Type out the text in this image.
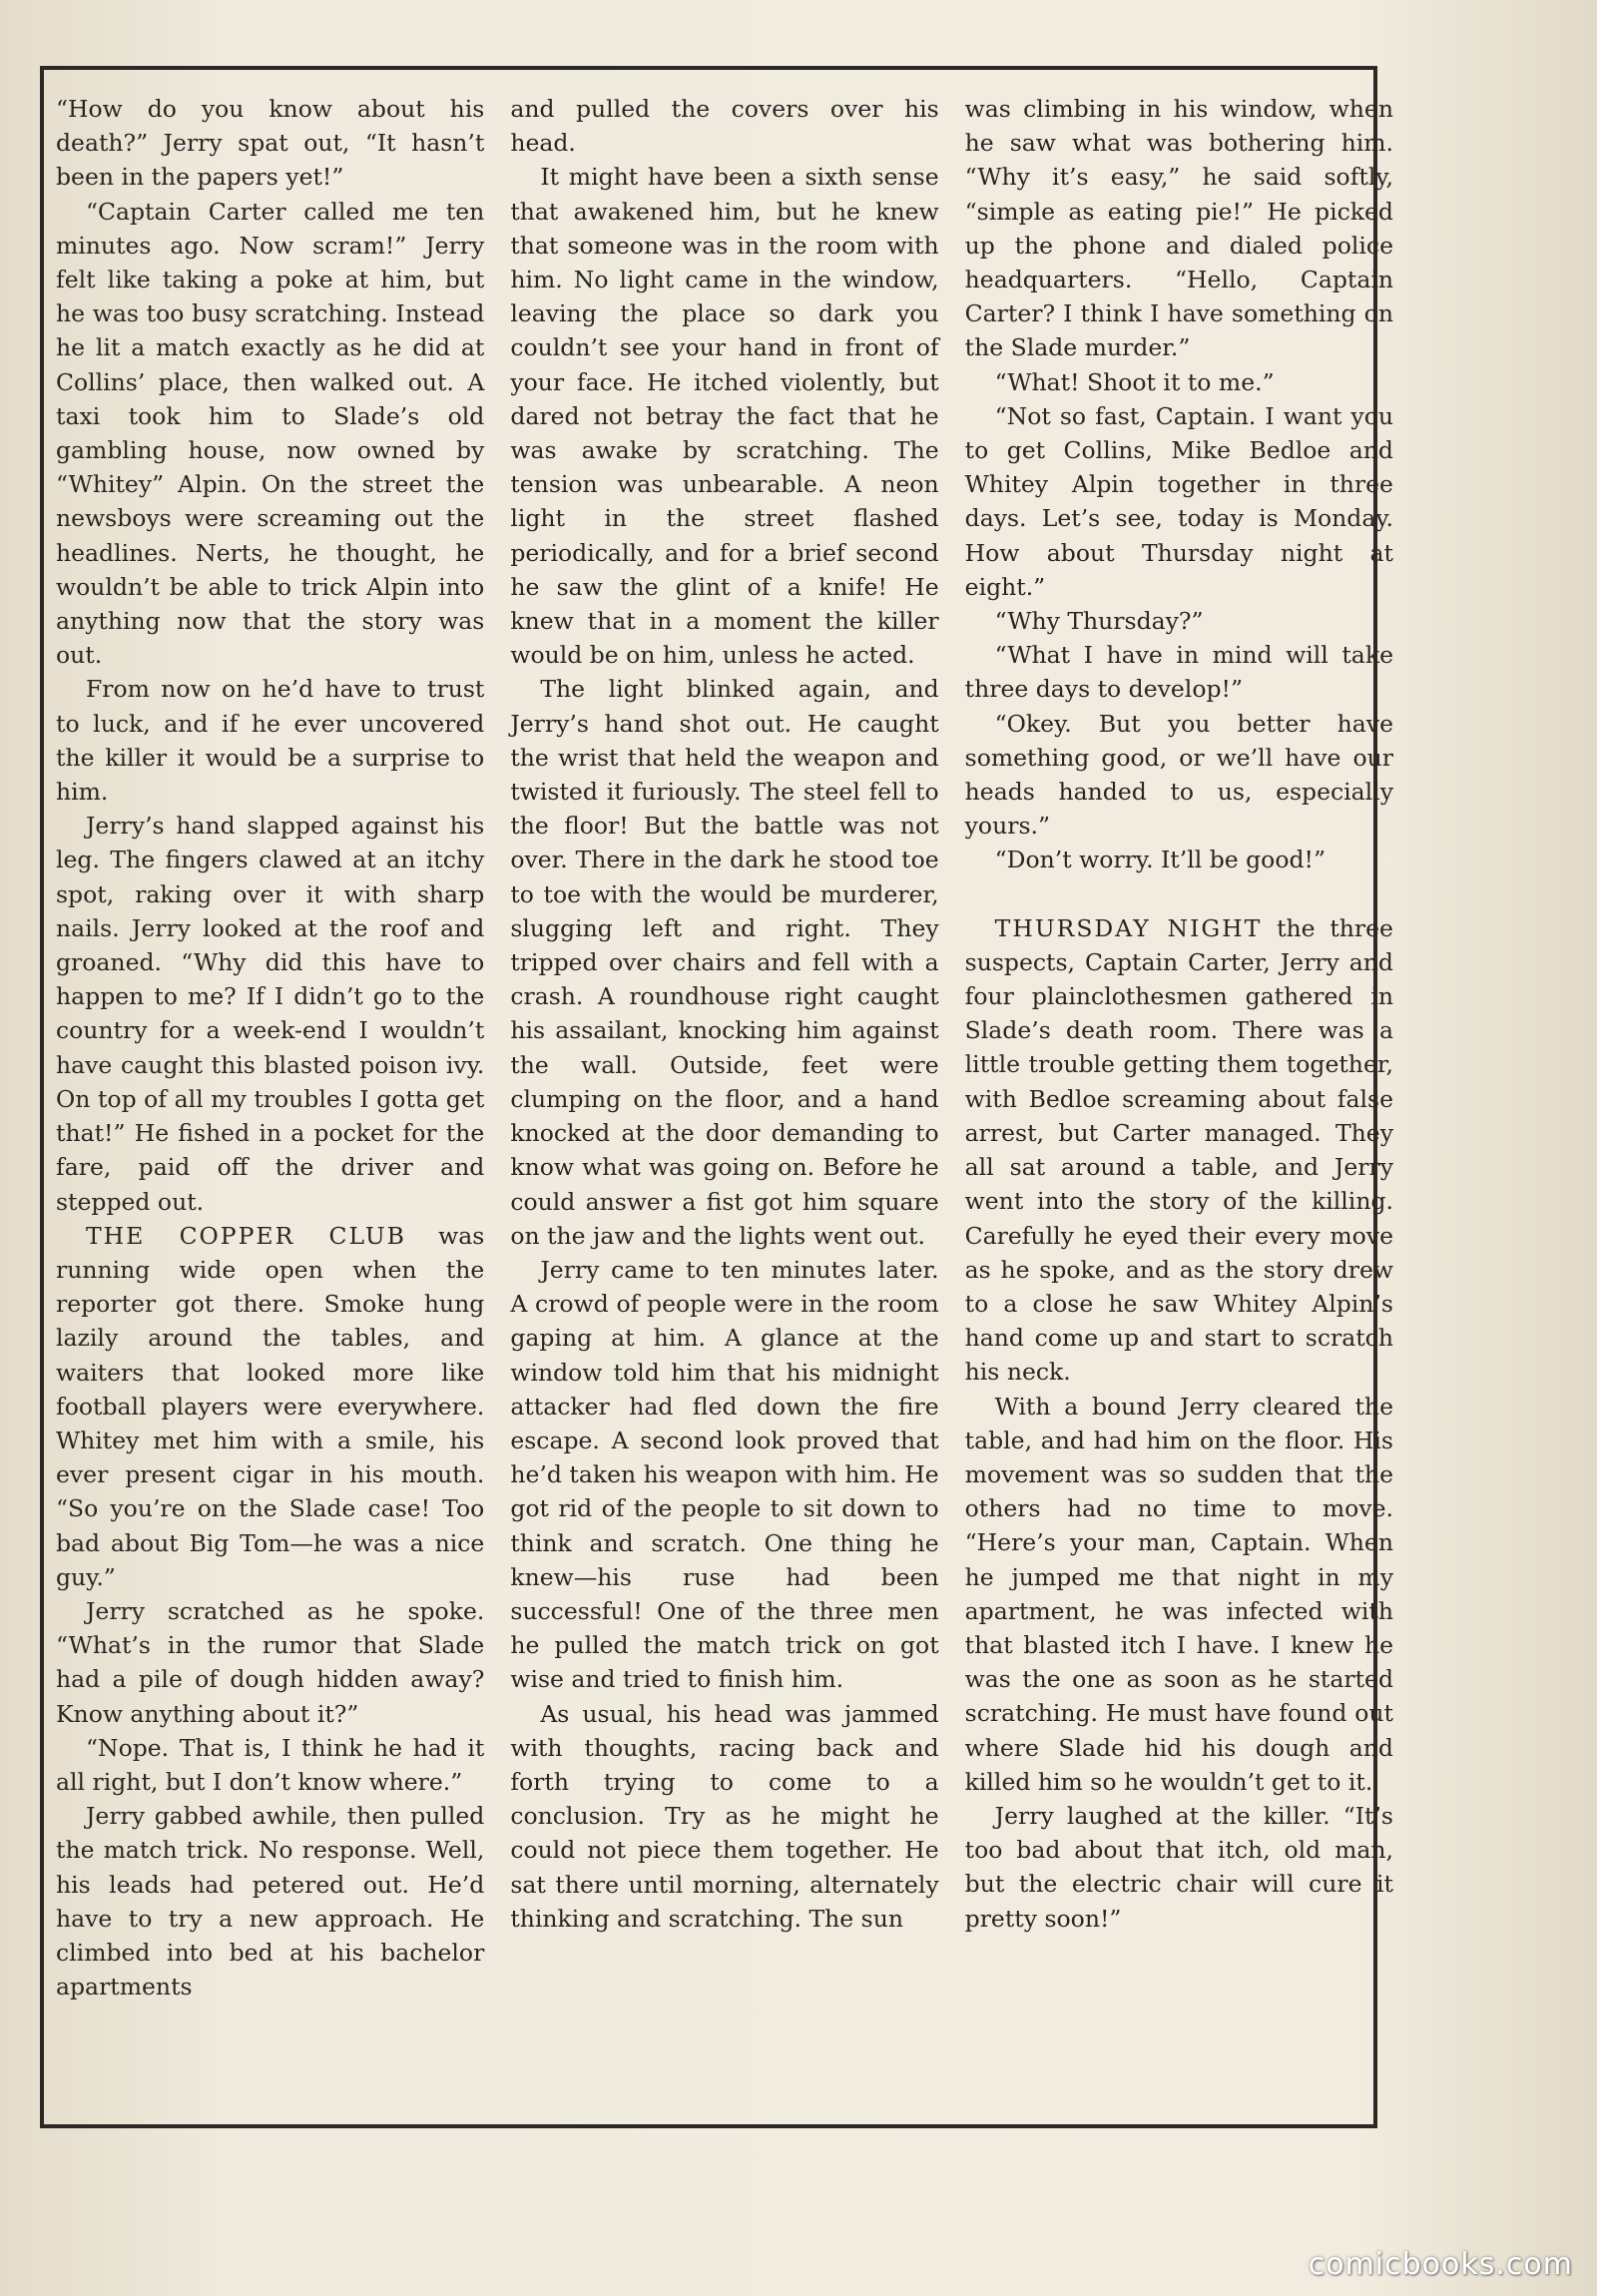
“How do you know about his death?” Jerry spat out, “It hasn’t been in the papers yet!”

“Captain Carter called me ten minutes ago. Now scram!” Jerry felt like taking a poke at him, but he was too busy scratching. Instead he lit a match exactly as he did at Collins’ place, then walked out. A taxi took him to Slade’s old gambling house, now owned by “Whitey” Alpin. On the street the newsboys were screaming out the headlines. Nerts, he thought, he wouldn’t be able to trick Alpin into anything now that the story was out.

From now on he’d have to trust to luck, and if he ever uncovered the killer it would be a surprise to him.

Jerry’s hand slapped against his leg. The fingers clawed at an itchy spot, raking over it with sharp nails. Jerry looked at the roof and groaned. “Why did this have to happen to me? If I didn’t go to the country for a week-end I wouldn’t have caught this blasted poison ivy. On top of all my troubles I gotta get that!” He fished in a pocket for the fare, paid off the driver and stepped out.

THE COPPER CLUB was running wide open when the reporter got there. Smoke hung lazily around the tables, and waiters that looked more like football players were everywhere. Whitey met him with a smile, his ever present cigar in his mouth. “So you’re on the Slade case! Too bad about Big Tom—he was a nice guy.”

Jerry scratched as he spoke. “What’s in the rumor that Slade had a pile of dough hidden away? Know anything about it?”

“Nope. That is, I think he had it all right, but I don’t know where.”

Jerry gabbed awhile, then pulled the match trick. No response. Well, his leads had petered out. He’d have to try a new approach. He climbed into bed at his bachelor apartments

and pulled the covers over his head.

It might have been a sixth sense that awakened him, but he knew that someone was in the room with him. No light came in the window, leaving the place so dark you couldn’t see your hand in front of your face. He itched violently, but dared not betray the fact that he was awake by scratching. The tension was unbearable. A neon light in the street flashed periodically, and for a brief second he saw the glint of a knife! He knew that in a moment the killer would be on him, unless he acted.

The light blinked again, and Jerry’s hand shot out. He caught the wrist that held the weapon and twisted it furiously. The steel fell to the floor! But the battle was not over. There in the dark he stood toe to toe with the would be murderer, slugging left and right. They tripped over chairs and fell with a crash. A roundhouse right caught his assailant, knocking him against the wall. Outside, feet were clumping on the floor, and a hand knocked at the door demanding to know what was going on. Before he could answer a fist got him square on the jaw and the lights went out.

Jerry came to ten minutes later. A crowd of people were in the room gaping at him. A glance at the window told him that his midnight attacker had fled down the fire escape. A second look proved that he’d taken his weapon with him. He got rid of the people to sit down to think and scratch. One thing he knew—his ruse had been successful! One of the three men he pulled the match trick on got wise and tried to finish him.

As usual, his head was jammed with thoughts, racing back and forth trying to come to a conclusion. Try as he might he could not piece them together. He sat there until morning, alternately thinking and scratching. The sun

was climbing in his window, when he saw what was bothering him. “Why it’s easy,” he said softly, “simple as eating pie!” He picked up the phone and dialed police headquarters. “Hello, Captain Carter? I think I have something on the Slade murder.”

“What! Shoot it to me.”

“Not so fast, Captain. I want you to get Collins, Mike Bedloe and Whitey Alpin together in three days. Let’s see, today is Monday. How about Thursday night at eight.”

“Why Thursday?”

“What I have in mind will take three days to develop!”

“Okey. But you better have something good, or we’ll have our heads handed to us, especially yours.”

“Don’t worry. It’ll be good!”

THURSDAY NIGHT the three suspects, Captain Carter, Jerry and four plainclothesmen gathered in Slade’s death room. There was a little trouble getting them together, with Bedloe screaming about false arrest, but Carter managed. They all sat around a table, and Jerry went into the story of the killing. Carefully he eyed their every move as he spoke, and as the story drew to a close he saw Whitey Alpin’s hand come up and start to scratch his neck.

With a bound Jerry cleared the table, and had him on the floor. His movement was so sudden that the others had no time to move. “Here’s your man, Captain. When he jumped me that night in my apartment, he was infected with that blasted itch I have. I knew he was the one as soon as he started scratching. He must have found out where Slade hid his dough and killed him so he wouldn’t get to it.

Jerry laughed at the killer. “It’s too bad about that itch, old man, but the electric chair will cure it pretty soon!”

comicbooks.com
